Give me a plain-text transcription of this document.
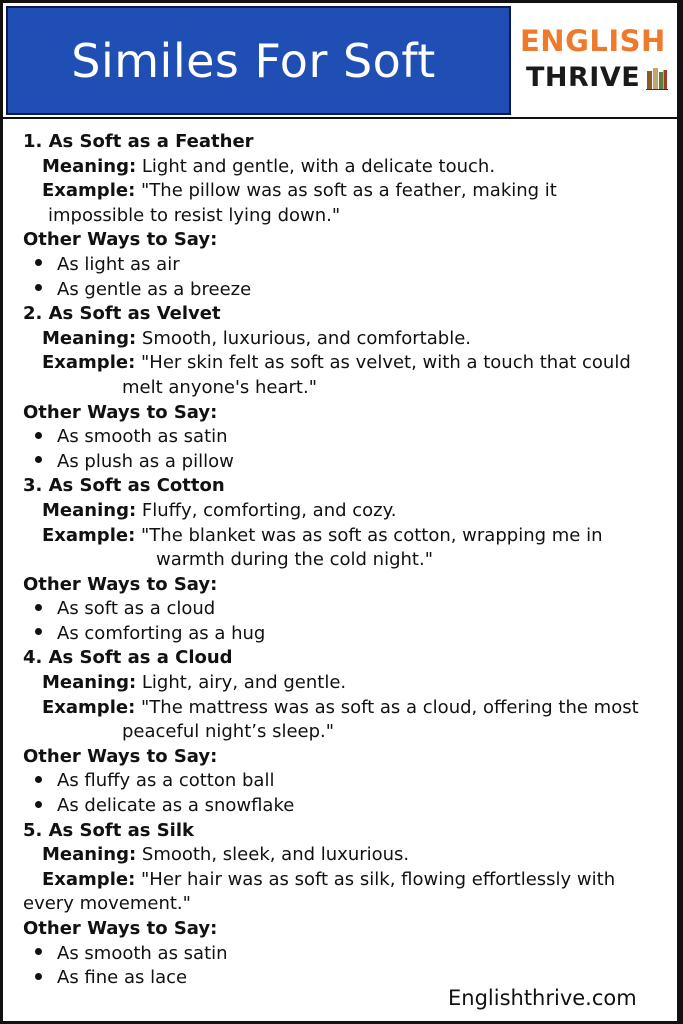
Similes For Soft	ENGLISH
THRIVE
1. As Soft as a Feather
Meaning: Light and gentle, with a delicate touch.
Example: "The pillow was as soft as a feather, making it
impossible to resist lying down."
Other Ways to Say:
As light as air
As gentle as a breeze
2. As Soft as Velvet
Meaning: Smooth, luxurious, and comfortable.
Example: "Her skin felt as soft as velvet, with a touch that could
melt anyone's heart."
Other Ways to Say:
As smooth as satin
As plush as a pillow
3. As Soft as Cotton
Meaning: Fluffy, comforting, and cozy.
Example: "The blanket was as soft as cotton, wrapping me in
warmth during the cold night."
Other Ways to Say:
As soft as a cloud
As comforting as a hug
4. As Soft as a Cloud
Meaning: Light, airy, and gentle.
Example: "The mattress was as soft as a cloud, offering the most
peaceful night’s sleep."
Other Ways to Say:
As fluffy as a cotton ball
As delicate as a snowflake
5. As Soft as Silk
Meaning: Smooth, sleek, and luxurious.
Example: "Her hair was as soft as silk, flowing effortlessly with
every movement."
Other Ways to Say:
As smooth as satin
As fine as lace
Englishthrive.com
